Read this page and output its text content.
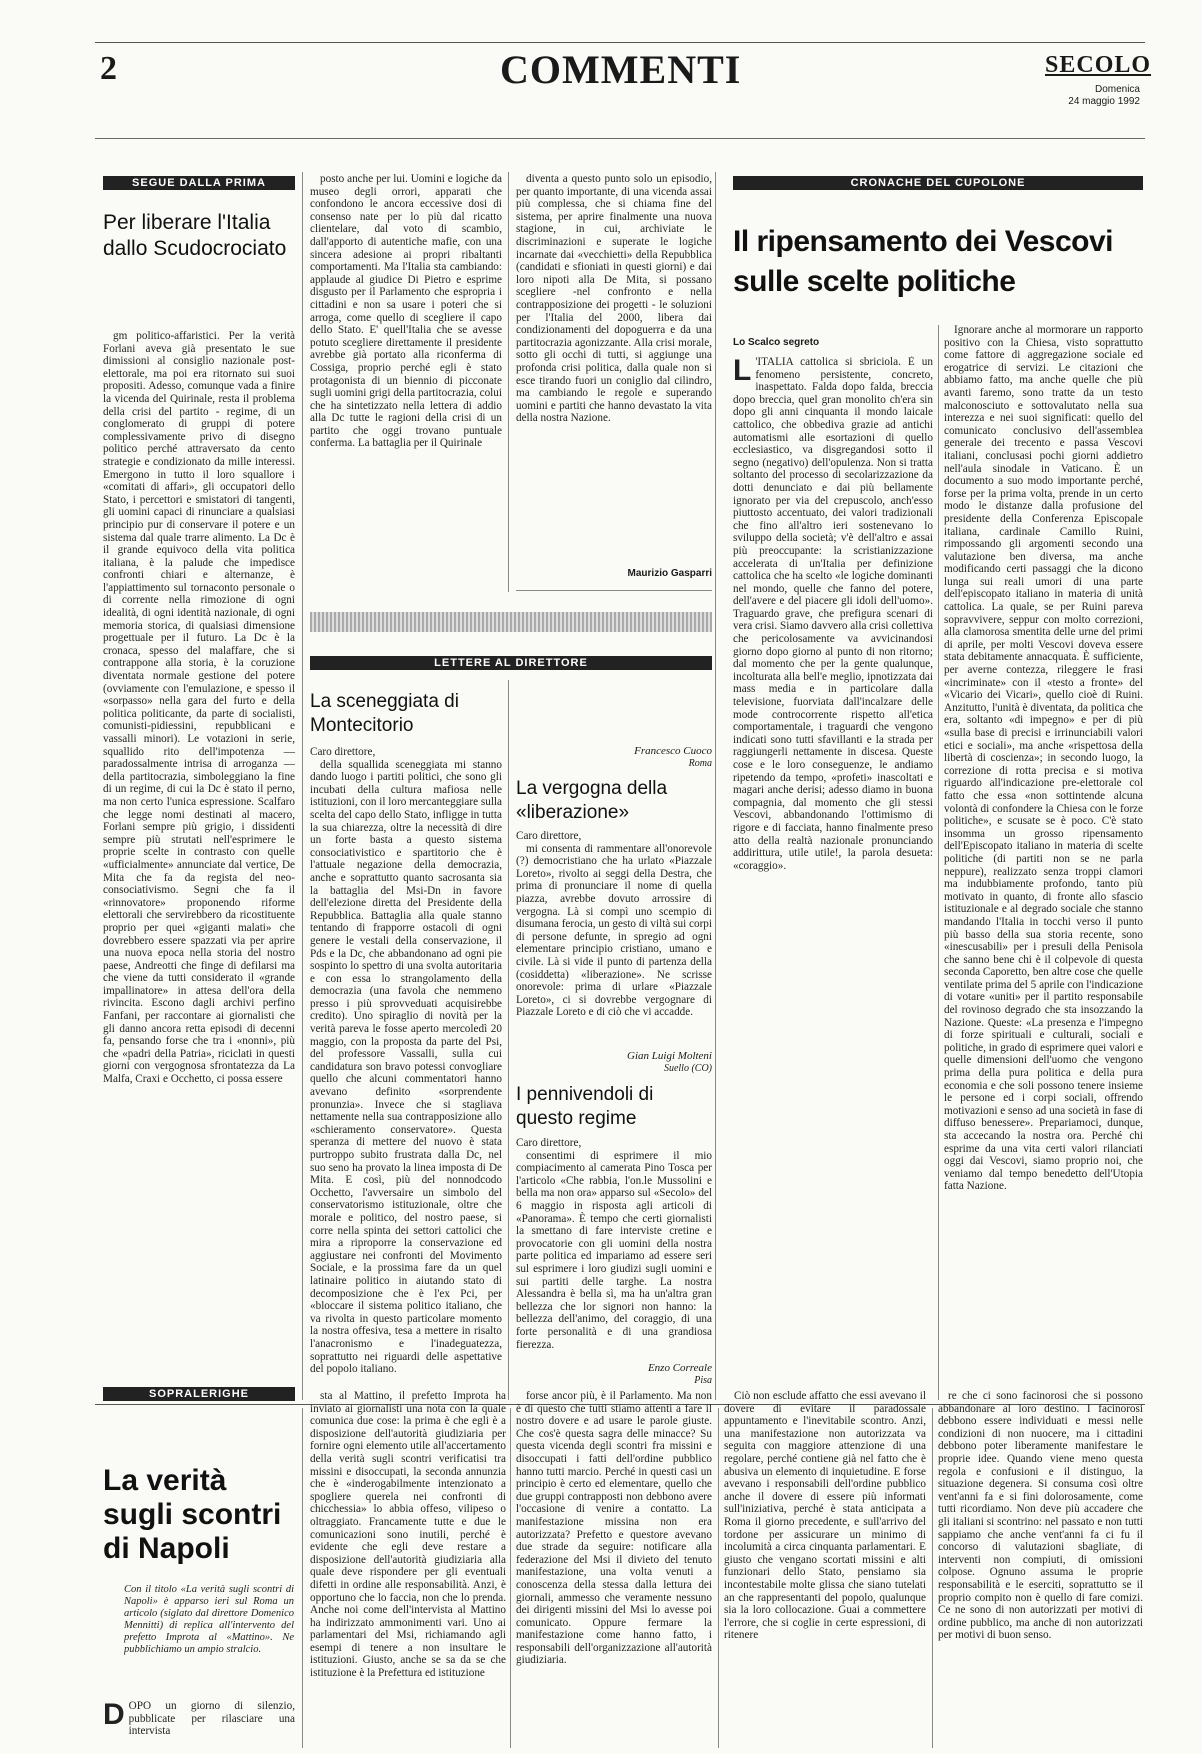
2	COMMENTI	SECOLO
Domenica
24 maggio 1992
SEGUE DALLA PRIMA
Per liberare l'Italia dallo Scudocrociato

gm politico-affaristici. Per la verità Forlani aveva già presentato le sue dimissioni al consiglio nazionale post-elettorale, ma poi era ritornato sui suoi propositi. Adesso, comunque vada a finire la vicenda del Quirinale, resta il problema della crisi del partito - regime, di un conglomerato di gruppi di potere complessivamente privo di disegno politico perché attraversato da cento strategie e condizionato da mille interessi. Emergono in tutto il loro squallore i «comitati di affari», gli occupatori dello Stato, i percettori e smistatori di tangenti, gli uomini capaci di rinunciare a qualsiasi principio pur di conservare il potere e un sistema dal quale trarre alimento. La Dc è il grande equivoco della vita politica italiana, è la palude che impedisce confronti chiari e alternanze, è l'appiattimento sul tornaconto personale o di corrente nella rimozione di ogni idealità, di ogni identità nazionale, di ogni memoria storica, di qualsiasi dimensione progettuale per il futuro. La Dc è la cronaca, spesso del malaffare, che si contrappone alla storia, è la coruzione diventata normale gestione del potere (ovviamente con l'emulazione, e spesso il «sorpasso» nella gara del furto e della politica politicante, da parte di socialisti, comunisti-pidiessini, repubblicani e vassalli minori). Le votazioni in serie, squallido rito dell'impotenza — paradossalmente intrisa di arroganza — della partitocrazia, simboleggiano la fine di un regime, di cui la Dc è stato il perno, ma non certo l'unica espressione. Scalfaro che legge nomi destinati al macero, Forlani sempre più grigio, i dissidenti sempre più strutati nell'esprimere le proprie scelte in contrasto con quelle «ufficialmente» annunciate dal vertice, De Mita che fa da regista del neo-consociativismo. Segni che fa il «rinnovatore» proponendo riforme elettorali che servirebbero da ricostituente proprio per quei «giganti malati» che dovrebbero essere spazzati via per aprire una nuova epoca nella storia del nostro paese, Andreotti che finge di defilarsi ma che viene da tutti considerato il «grande impallinatore» in attesa dell'ora della rivincita. Escono dagli archivi perfino Fanfani, per raccontare ai giornalisti che gli danno ancora retta episodi di decenni fa, pensando forse che tra i «nonni», più che «padri della Patria», riciclati in questi giorni con vergognosa sfrontatezza da La Malfa, Craxi e Occhetto, ci possa essere

posto anche per lui. Uomini e logiche da museo degli orrori, apparati che confondono le ancora eccessive dosi di consenso nate per lo più dal ricatto clientelare, dal voto di scambio, dall'apporto di autentiche mafie, con una sincera adesione ai propri ribaltanti comportamenti. Ma l'Italia sta cambiando: applaude al giudice Di Pietro e esprime disgusto per il Parlamento che espropria i cittadini e non sa usare i poteri che si arroga, come quello di scegliere il capo dello Stato. E' quell'Italia che se avesse potuto scegliere direttamente il presidente avrebbe già portato alla riconferma di Cossiga, proprio perché egli è stato protagonista di un biennio di picconate sugli uomini grigi della partitocrazia, colui che ha sintetizzato nella lettera di addio alla Dc tutte le ragioni della crisi di un partito che oggi trovano puntuale conferma. La battaglia per il Quirinale

diventa a questo punto solo un episodio, per quanto importante, di una vicenda assai più complessa, che si chiama fine del sistema, per aprire finalmente una nuova stagione, in cui, archiviate le discriminazioni e superate le logiche incarnate dai «vecchietti» della Repubblica (candidati e sfioniati in questi giorni) e dai loro nipoti alla De Mita, si possano scegliere -nel confronto e nella contrapposizione dei progetti - le soluzioni per l'Italia del 2000, libera dai condizionamenti del dopoguerra e da una partitocrazia agonizzante. Alla crisi morale, sotto gli occhi di tutti, si aggiunge una profonda crisi politica, dalla quale non si esce tirando fuori un coniglio dal cilindro, ma cambiando le regole e superando uomini e partiti che hanno devastato la vita della nostra Nazione.

Maurizio Gasparri
CRONACHE DEL CUPOLONE
Il ripensamento dei Vescovi sulle scelte politiche
Lo Scalco segreto
L 'ITALIA cattolica si sbriciola. È un fenomeno persistente, concreto, inaspettato. Falda dopo falda, breccia dopo breccia, quel gran monolito ch'era sin dopo gli anni cinquanta il mondo laicale cattolico, che obbediva grazie ad antichi automatismi alle esortazioni di quello ecclesiastico, va disgregandosi sotto il segno (negativo) dell'opulenza. Non si tratta soltanto del processo di secolarizzazione da dotti denunciato e dai più bellamente ignorato per via del crepuscolo, anch'esso piuttosto accentuato, dei valori tradizionali che fino all'altro ieri sostenevano lo sviluppo della società; v'è dell'altro e assai più preoccupante: la scristianizzazione accelerata di un'Italia per definizione cattolica che ha scelto «le logiche dominanti nel mondo, quelle che fanno del potere, dell'avere e del piacere gli idoli dell'uomo». Traguardo grave, che prefigura scenari di vera crisi. Siamo davvero alla crisi collettiva che pericolosamente va avvicinandosi giorno dopo giorno al punto di non ritorno; dal momento che per la gente qualunque, incolturata alla bell'e meglio, ipnotizzata dai mass media e in particolare dalla televisione, fuorviata dall'incalzare delle mode controcorrente rispetto all'etica comportamentale, i traguardi che vengono indicati sono tutti sfavillanti e la strada per raggiungerli nettamente in discesa. Queste cose e le loro conseguenze, le andiamo ripetendo da tempo, «profeti» inascoltati e magari anche derisi; adesso diamo in buona compagnia, dal momento che gli stessi Vescovi, abbandonando l'ottimismo di rigore e di facciata, hanno finalmente preso atto della realtà nazionale pronunciando addirittura, utile utile!, la parola desueta: «coraggio».

Ignorare anche al mormorare un rapporto positivo con la Chiesa, visto soprattutto come fattore di aggregazione sociale ed erogatrice di servizi. Le citazioni che abbiamo fatto, ma anche quelle che più avanti faremo, sono tratte da un testo malconosciuto e sottovalutato nella sua interezza e nei suoi significati: quello del comunicato conclusivo dell'assemblea generale dei trecento e passa Vescovi italiani, conclusasi pochi giorni addietro nell'aula sinodale in Vaticano. È un documento a suo modo importante perché, forse per la prima volta, prende in un certo modo le distanze dalla profusione del presidente della Conferenza Episcopale italiana, cardinale Camillo Ruini, rimpossando gli argomenti secondo una valutazione ben diversa, ma anche modificando certi passaggi che la dicono lunga sui reali umori di una parte dell'episcopato italiano in materia di unità cattolica. La quale, se per Ruini pareva sopravvivere, seppur con molto correzioni, alla clamorosa smentita delle urne del primi di aprile, per molti Vescovi doveva essere stata debitamente annacquata. È sufficiente, per averne contezza, rileggere le frasi «incriminate» con il «testo a fronte» del «Vicario dei Vicari», quello cioè di Ruini. Anzitutto, l'unità è diventata, da politica che era, soltanto «di impegno» e per di più «sulla base di precisi e irrinunciabili valori etici e sociali», ma anche «rispettosa della libertà di coscienza»; in secondo luogo, la correzione di rotta precisa e si motiva riguardo all'indicazione pre-elettorale col fatto che essa «non sottintende alcuna volontà di confondere la Chiesa con le forze politiche», e scusate se è poco. C'è stato insomma un grosso ripensamento dell'Episcopato italiano in materia di scelte politiche (di partiti non se ne parla neppure), realizzato senza troppi clamori ma indubbiamente profondo, tanto più motivato in quanto, di fronte allo sfascio istituzionale e al degrado sociale che stanno mandando l'Italia in tocchi verso il punto più basso della sua storia recente, sono «inescusabili» per i presuli della Penisola che sanno bene chi è il colpevole di questa seconda Caporetto, ben altre cose che quelle ventilate prima del 5 aprile con l'indicazione di votare «uniti» per il partito responsabile del rovinoso degrado che sta insozzando la Nazione. Queste: «La presenza e l'impegno di forze spirituali e culturali, sociali e politiche, in grado di esprimere quei valori e quelle dimensioni dell'uomo che vengono prima della pura politica e della pura economia e che soli possono tenere insieme le persone ed i corpi sociali, offrendo motivazioni e senso ad una società in fase di diffuso benessere». Prepariamoci, dunque, sta accecando la nostra ora. Perché chi esprime da una vita certi valori rilanciati oggi dai Vescovi, siamo proprio noi, che veniamo dal tempo benedetto dell'Utopia fatta Nazione.

LETTERE AL DIRETTORE
La sceneggiata di Montecitorio
Caro direttore,

della squallida sceneggiata mi stanno dando luogo i partiti politici, che sono gli incubati della cultura mafiosa nelle istituzioni, con il loro mercanteggiare sulla scelta del capo dello Stato, infligge in tutta la sua chiarezza, oltre la necessità di dire un forte basta a questo sistema consociativistico e spartitorio che è l'attuale negazione della democrazia, anche e soprattutto quanto sacrosanta sia la battaglia del Msi-Dn in favore dell'elezione diretta del Presidente della Repubblica. Battaglia alla quale stanno tentando di frapporre ostacoli di ogni genere le vestali della conservazione, il Pds e la Dc, che abbandonano ad ogni pie sospinto lo spettro di una svolta autoritaria e con essa lo strangolamento della democrazia (una favola che nemmeno presso i più sprovveduati acquisirebbe credito). Uno spiraglio di novità per la verità pareva le fosse aperto mercoledì 20 maggio, con la proposta da parte del Psi, del professore Vassalli, sulla cui candidatura son bravo potessi convogliare quello che alcuni commentatori hanno avevano definito «sorprendente pronunzia». Invece che si stagliava nettamente nella sua contrapposizione allo «schieramento conservatore». Questa speranza di mettere del nuovo è stata purtroppo subito frustrata dalla Dc, nel suo seno ha provato la linea imposta di De Mita. E così, più del nonnodcodo Occhetto, l'avversaire un simbolo del conservatorismo istituzionale, oltre che morale e politico, del nostro paese, si corre nella spinta dei settori cattolici che mira a riproporre la conservazione ed aggiustare nei confronti del Movimento Sociale, e la prossima fare da un quel latinaire politico in aiutando stato di decomposizione che è l'ex Pci, per «bloccare il sistema politico italiano, che va rivolta in questo particolare momento la nostra offesiva, tesa a mettere in risalto l'anacronismo e l'inadeguatezza, soprattutto nei riguardi delle aspettative del popolo italiano.

Francesco Cuoco
Roma
La vergogna della «liberazione»
Caro direttore,

mi consenta di rammentare all'onorevole (?) democristiano che ha urlato «Piazzale Loreto», rivolto ai seggi della Destra, che prima di pronunciare il nome di quella piazza, avrebbe dovuto arrossire di vergogna. Là si compì uno scempio di disumana ferocia, un gesto di viltà sui corpi di persone defunte, in spregio ad ogni elementare principio cristiano, umano e civile. Là si vide il punto di partenza della (cosiddetta) «liberazione». Ne scrisse onorevole: prima di urlare «Piazzale Loreto», ci si dovrebbe vergognare di Piazzale Loreto e di ciò che vi accadde.

Gian Luigi Molteni
Suello (CO)
I pennivendoli di questo regime
Caro direttore,

consentimi di esprimere il mio compiacimento al camerata Pino Tosca per l'articolo «Che rabbia, l'on.le Mussolini e bella ma non ora» apparso sul «Secolo» del 6 maggio in risposta agli articoli di «Panorama». È tempo che certi giornalisti la smettano di fare interviste cretine e provocatorie con gli uomini della nostra parte politica ed impariamo ad essere seri sul esprimere i loro giudizi sugli uomini e sui partiti delle targhe. La nostra Alessandra è bella sì, ma ha un'altra gran bellezza che lor signori non hanno: la bellezza dell'animo, del coraggio, di una forte personalità e di una grandiosa fierezza.

Enzo Correale
Pisa
SOPRALERIGHE
La verità sugli scontri di Napoli
Con il titolo «La verità sugli scontri di Napoli» è apparso ieri sul Roma un articolo (siglato dal direttore Domenico Mennitti) di replica all'intervento del prefetto Improta al «Mattino». Ne pubblichiamo un ampio stralcio.
DOPO un giorno di silenzio, pubblicate per rilasciare una intervista

sta al Mattino, il prefetto Improta ha inviato ai giornalisti una nota con la quale comunica due cose: la prima è che egli è a disposizione dell'autorità giudiziaria per fornire ogni elemento utile all'accertamento della verità sugli scontri verificatisi tra missini e disoccupati, la seconda annunzia che è «inderogabilmente intenzionato a spogliere querela nei confronti di chicchessia» lo abbia offeso, vilipeso o oltraggiato. Francamente tutte e due le comunicazioni sono inutili, perché è evidente che egli deve restare a disposizione dell'autorità giudiziaria alla quale deve rispondere per gli eventuali difetti in ordine alle responsabilità. Anzi, è opportuno che lo faccia, non che lo prenda. Anche noi come dell'intervista al Mattino ha indirizzato ammonimenti vari. Uno ai parlamentari del Msi, richiamando agli esempi di tenere a non insultare le istituzioni. Giusto, anche se sa da se che istituzione è la Prefettura ed istituzione

forse ancor più, è il Parlamento. Ma non è di questo che tutti stiamo attenti a fare il nostro dovere e ad usare le parole giuste. Che cos'è questa sagra delle minacce? Su questa vicenda degli scontri fra missini e disoccupati i fatti dell'ordine pubblico hanno tutti marcio. Perché in questi casi un principio è certo ed elementare, quello che due gruppi contrapposti non debbono avere l'occasione di venire a contatto. La manifestazione missina non era autorizzata? Prefetto e questore avevano due strade da seguire: notificare alla federazione del Msi il divieto del tenuto manifestazione, una volta venuti a conoscenza della stessa dalla lettura dei giornali, ammesso che veramente nessuno dei dirigenti missini del Msi lo avesse poi comunicato. Oppure fermare la manifestazione come hanno fatto, i responsabili dell'organizzazione all'autorità giudiziaria.

Ciò non esclude affatto che essi avevano il dovere di evitare il paradossale appuntamento e l'inevitabile scontro. Anzi, una manifestazione non autorizzata va seguita con maggiore attenzione di una regolare, perché contiene già nel fatto che è abusiva un elemento di inquietudine. E forse avevano i responsabili dell'ordine pubblico anche il dovere di essere più informati sull'iniziativa, perché è stata anticipata a Roma il giorno precedente, e sull'arrivo del tordone per assicurare un minimo di incolumità a circa cinquanta parlamentari. E giusto che vengano scortati missini e alti funzionari dello Stato, pensiamo sia incontestabile molte glissa che siano tutelati an che rappresentanti del popolo, qualunque sia la loro collocazione. Guai a commettere l'errore, che si coglie in certe espressioni, di ritenere

re che ci sono facinorosi che si possono abbandonare al loro destino. I facinorosi debbono essere individuati e messi nelle condizioni di non nuocere, ma i cittadini debbono poter liberamente manifestare le proprie idee. Quando viene meno questa regola e confusioni e il distinguo, la situazione degenera. Si consuma così oltre vent'anni fa e si fini dolorosamente, come tutti ricordiamo. Non deve più accadere che gli italiani si scontrino: nel passato e non tutti sappiamo che anche vent'anni fa ci fu il concorso di valutazioni sbagliate, di interventi non compiuti, di omissioni colpose. Ognuno assuma le proprie responsabilità e le eserciti, soprattutto se il proprio compito non è quello di fare comizi. Ce ne sono di non autorizzati per motivi di ordine pubblico, ma anche di non autorizzati per motivi di buon senso.
